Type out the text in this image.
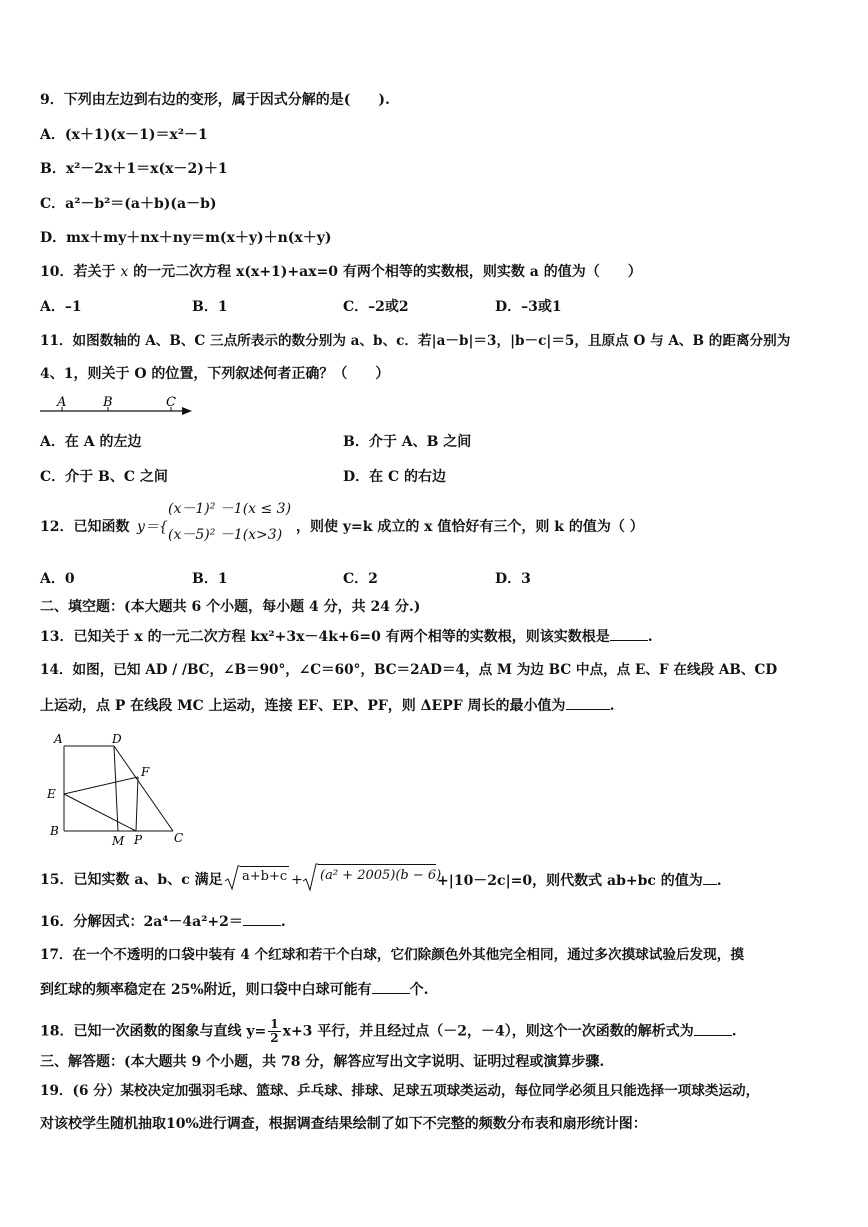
9．下列由左边到右边的变形，属于因式分解的是(　　).
A．(x＋1)(x－1)＝x²－1
B．x²－2x＋1＝x(x－2)＋1
C．a²－b²＝(a＋b)(a－b)
D．mx＋my＋nx＋ny＝m(x＋y)＋n(x＋y)
10．若关于 x 的一元二次方程 x(x+1)+ax=0 有两个相等的实数根，则实数 a 的值为（　　）
A．–1	B．1	C．–2或2	D．–3或1
11．如图数轴的 A、B、C 三点所表示的数分别为 a、b、c．若|a－b|＝3，|b－c|＝5，且原点 O 与 A、B 的距离分别为
4、1，则关于 O 的位置，下列叙述何者正确？（　　）
A	B	C
A．在 A 的左边	B．介于 A、B 之间
C．介于 B、C 之间	D．在 C 的右边
12．已知函数 y＝{
(x－1)² －1(x ≤ 3)
(x－5)² －1(x>3) ，则使 y=k 成立的 x 值恰好有三个，则 k 的值为（ ）
A．0	B．1	C．2	D．3
二、填空题：(本大题共 6 个小题，每小题 4 分，共 24 分.)
13．已知关于 x 的一元二次方程 kx²+3x－4k+6=0 有两个相等的实数根，则该实数根是	.
14．如图，已知 AD / /BC，∠B＝90°，∠C＝60°，BC＝2AD＝4，点 M 为边 BC 中点，点 E、F 在线段 AB、CD
上运动，点 P 在线段 MC 上运动，连接 EF、EP、PF，则 ΔEPF 周长的最小值为	.
A	D
F
E
B
M P	C
15．已知实数 a、b、c 满足 a+b+c + (a² + 2005)(b − 6)
+|10－2c|=0，则代数式 ab+bc 的值为 .
16．分解因式：2a⁴－4a²+2＝	.
17．在一个不透明的口袋中装有 4 个红球和若干个白球，它们除颜色外其他完全相同，通过多次摸球试验后发现，摸
到红球的频率稳定在 25%附近，则口袋中白球可能有	个.
18．已知一次函数的图象与直线 $y= \frac{1}{2} x+3$ 平行，并且经过点（－2，－4），则这个一次函数的解析式为	.
三、解答题：(本大题共 9 个小题，共 78 分，解答应写出文字说明、证明过程或演算步骤.
19．(6 分）某校决定加强羽毛球、篮球、乒乓球、排球、足球五项球类运动，每位同学必须且只能选择一项球类运动，
对该校学生随机抽取10%进行调查，根据调查结果绘制了如下不完整的频数分布表和扇形统计图：
